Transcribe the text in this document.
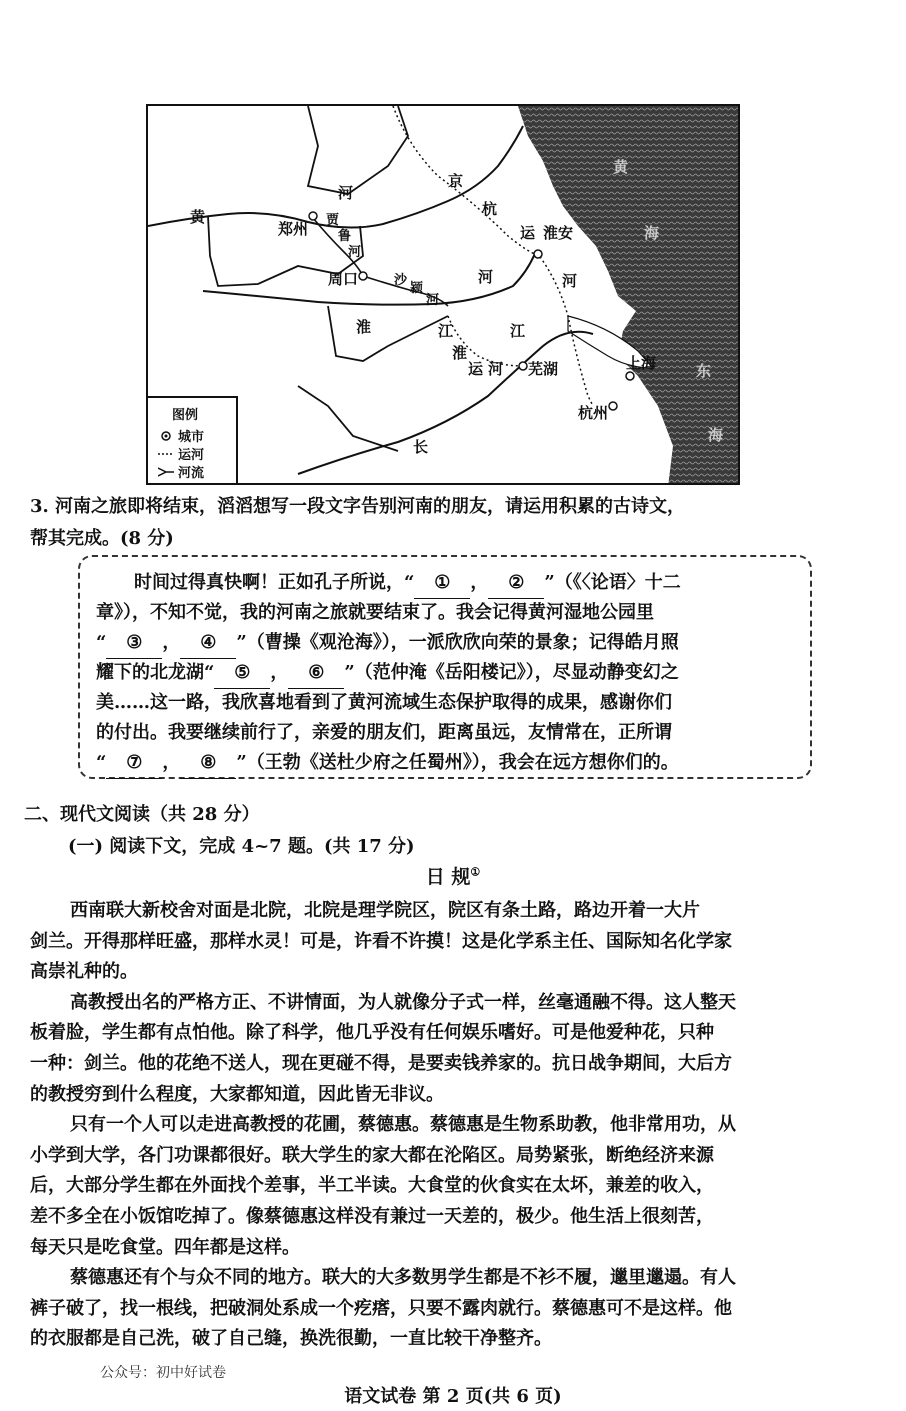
黄
河
郑州 贾
鲁
河
周口	沙
颍
河
京
杭
运 淮安
河
河
淮	江	江
淮
运 河 芜湖	上海
杭州
长
黄
海
东
海
图例
城市
运河
河流
3. 河南之旅即将结束，滔滔想写一段文字告别河南的朋友，请运用积累的古诗文，
帮其完成。(8 分)
时间过得真快啊！正如孔子所说，“ ① ， ② ”（《〈论语〉十二
章》），不知不觉，我的河南之旅就要结束了。我会记得黄河湿地公园里
“ ③ ， ④ ”（曹操《观沧海》），一派欣欣向荣的景象；记得皓月照
耀下的北龙湖“ ⑤ ， ⑥ ”（范仲淹《岳阳楼记》），尽显动静变幻之
美……这一路，我欣喜地看到了黄河流域生态保护取得的成果，感谢你们
的付出。我要继续前行了，亲爱的朋友们，距离虽远，友情常在，正所谓
“ ⑦ ， ⑧ ”（王勃《送杜少府之任蜀州》），我会在远方想你们的。
二、现代文阅读（共 28 分）
(一) 阅读下文，完成 4~7 题。(共 17 分)
日 规①
西南联大新校舍对面是北院，北院是理学院区，院区有条土路，路边开着一大片
剑兰。开得那样旺盛，那样水灵！可是，许看不许摸！这是化学系主任、国际知名化学家
高崇礼种的。
高教授出名的严格方正、不讲情面，为人就像分子式一样，丝毫通融不得。这人整天
板着脸，学生都有点怕他。除了科学，他几乎没有任何娱乐嗜好。可是他爱种花，只种
一种：剑兰。他的花绝不送人，现在更碰不得，是要卖钱养家的。抗日战争期间，大后方
的教授穷到什么程度，大家都知道，因此皆无非议。
只有一个人可以走进高教授的花圃，蔡德惠。蔡德惠是生物系助教，他非常用功，从
小学到大学，各门功课都很好。联大学生的家大都在沦陷区。局势紧张，断绝经济来源
后，大部分学生都在外面找个差事，半工半读。大食堂的伙食实在太坏，兼差的收入，
差不多全在小饭馆吃掉了。像蔡德惠这样没有兼过一天差的，极少。他生活上很刻苦，
每天只是吃食堂。四年都是这样。
蔡德惠还有个与众不同的地方。联大的大多数男学生都是不衫不履，邋里邋遢。有人
裤子破了，找一根线，把破洞处系成一个疙瘩，只要不露肉就行。蔡德惠可不是这样。他
的衣服都是自己洗，破了自己缝，换洗很勤，一直比较干净整齐。
公众号：初中好试卷
语文试卷 第 2 页(共 6 页)
